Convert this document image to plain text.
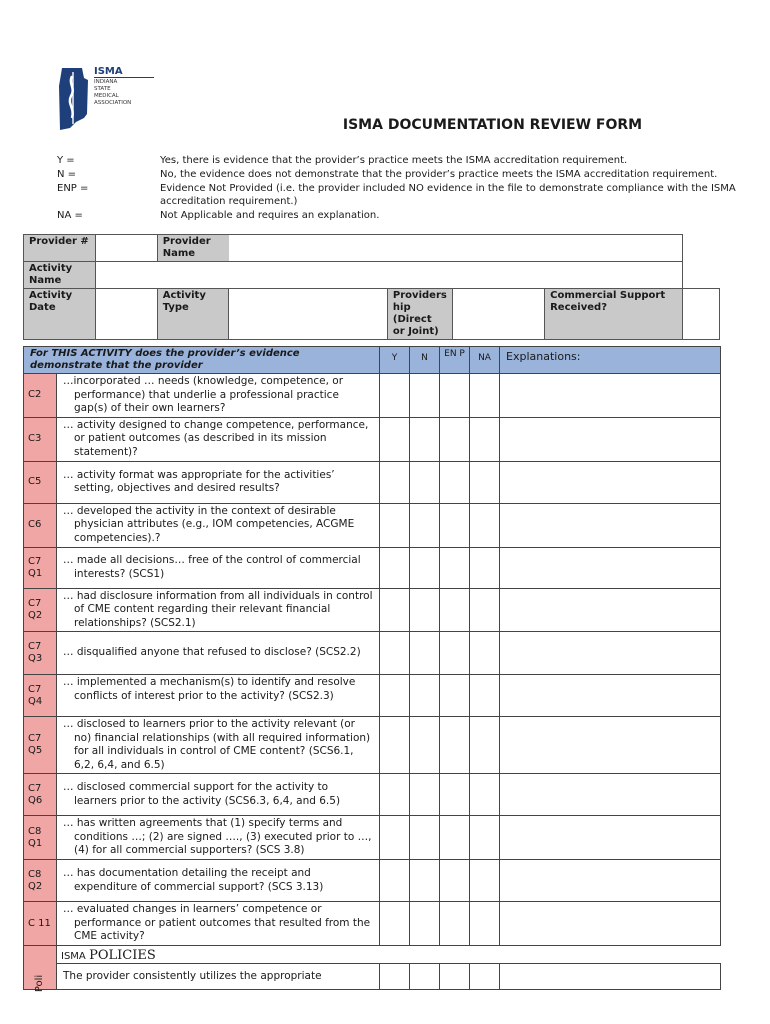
ISMA
INDIANA
STATE
MEDICAL
ASSOCIATION
ISMA DOCUMENTATION REVIEW FORM
Y =	Yes, there is evidence that the provider’s practice meets the ISMA accreditation requirement.
N =	No, the evidence does not demonstrate that the provider’s practice meets the ISMA accreditation requirement.
ENP =	Evidence Not Provided (i.e. the provider included NO evidence in the file to demonstrate compliance with the ISMA accreditation requirement.)
NA =	Not Applicable and requires an explanation.
Provider #		Provider Name					
Activity Name							
Activity Date		Activity Type		Providers hip (Direct or Joint)		Commercial Support Received?	
For THIS ACTIVITY does the provider’s evidence demonstrate that the provider		Y	N	EN P	NA	Explanations:
C2	…incorporated … needs (knowledge, competence, or performance) that underlie a professional practice gap(s) of their own learners?					

C3	… activity designed to change competence, performance, or patient outcomes (as described in its mission statement)?					

C5	… activity format was appropriate for the activities’ setting, objectives and desired results?					

C6	… developed the activity in the context of desirable physician attributes (e.g., IOM competencies, ACGME competencies).?					

C7 Q1	… made all decisions… free of the control of commercial interests? (SCS1)					

C7 Q2	… had disclosure information from all individuals in control of CME content regarding their relevant financial relationships? (SCS2.1)					

C7 Q3	… disqualified anyone that refused to disclose? (SCS2.2)					

C7 Q4	… implemented a mechanism(s) to identify and resolve conflicts of interest prior to the activity? (SCS2.3)					

C7 Q5	… disclosed to learners prior to the activity relevant (or no) financial relationships (with all required information) for all individuals in control of CME content? (SCS6.1, 6,2, 6,4, and 6.5)					

C7 Q6	… disclosed commercial support for the activity to learners prior to the activity (SCS6.3, 6,4, and 6.5)					

C8 Q1	… has written agreements that (1) specify terms and conditions …; (2) are signed …., (3) executed prior to …, (4) for all commercial supporters? (SCS 3.8)					

C8 Q2	… has documentation detailing the receipt and expenditure of commercial support? (SCS 3.13)					

C 11	… evaluated changes in learners’ competence or performance or patient outcomes that resulted from the CME activity?					

Poli	ISMA POLICIES					

	The provider consistently utilizes the appropriate					
